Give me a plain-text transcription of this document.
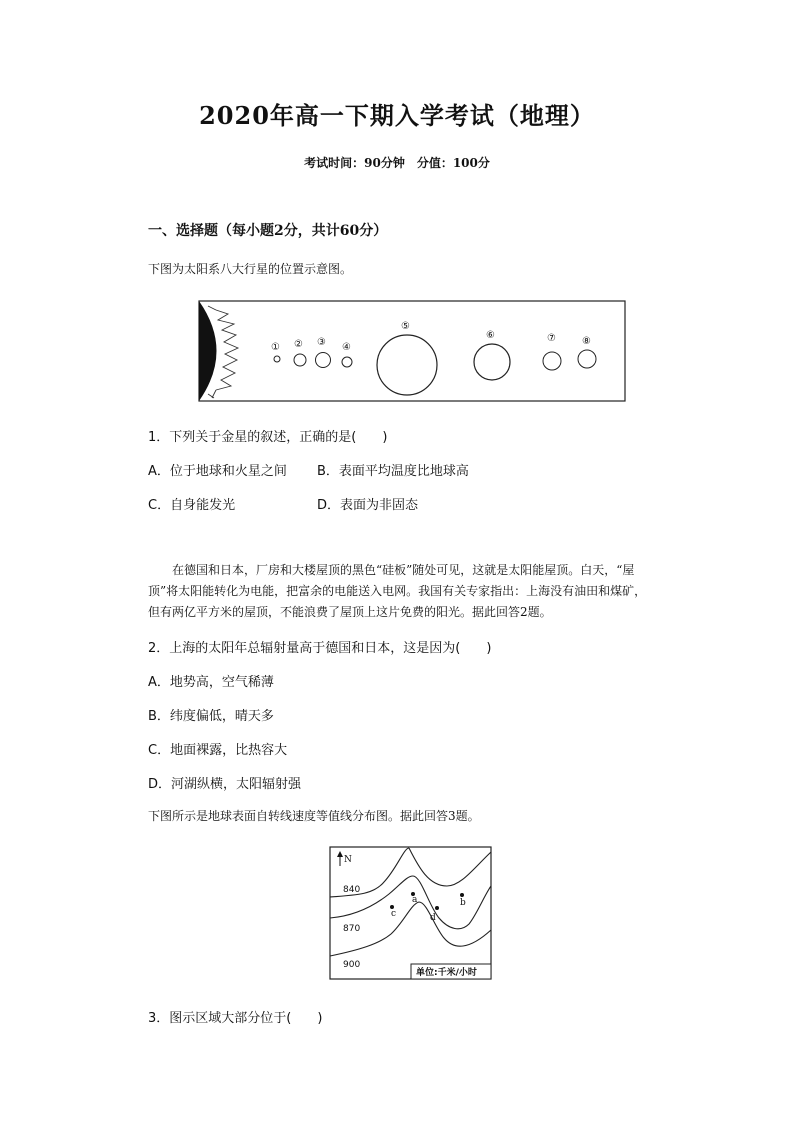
2020年高一下期入学考试（地理）
考试时间：90分钟　分值：100分
一、选择题（每小题2分，共计60分）
下图为太阳系八大行星的位置示意图。
① ② ③ ④
⑤
⑥	⑦	⑧
1．下列关于金星的叙述，正确的是(　　)
A．位于地球和火星之间 B．表面平均温度比地球高
C．自身能发光	D．表面为非固态
在德国和日本，厂房和大楼屋顶的黑色“硅板”随处可见，这就是太阳能屋顶。白天，“屋顶”将太阳能转化为电能，把富余的电能送入电网。我国有关专家指出：上海没有油田和煤矿，但有两亿平方米的屋顶，不能浪费了屋顶上这片免费的阳光。据此回答2题。
2．上海的太阳年总辐射量高于德国和日本，这是因为(　　)
A．地势高，空气稀薄
B．纬度偏低，晴天多
C．地面裸露，比热容大
D．河湖纵横，太阳辐射强
下图所示是地球表面自转线速度等值线分布图。据此回答3题。
N
840
870
900
a	b
c	d
单位:千米/小时
3．图示区域大部分位于(　　)
